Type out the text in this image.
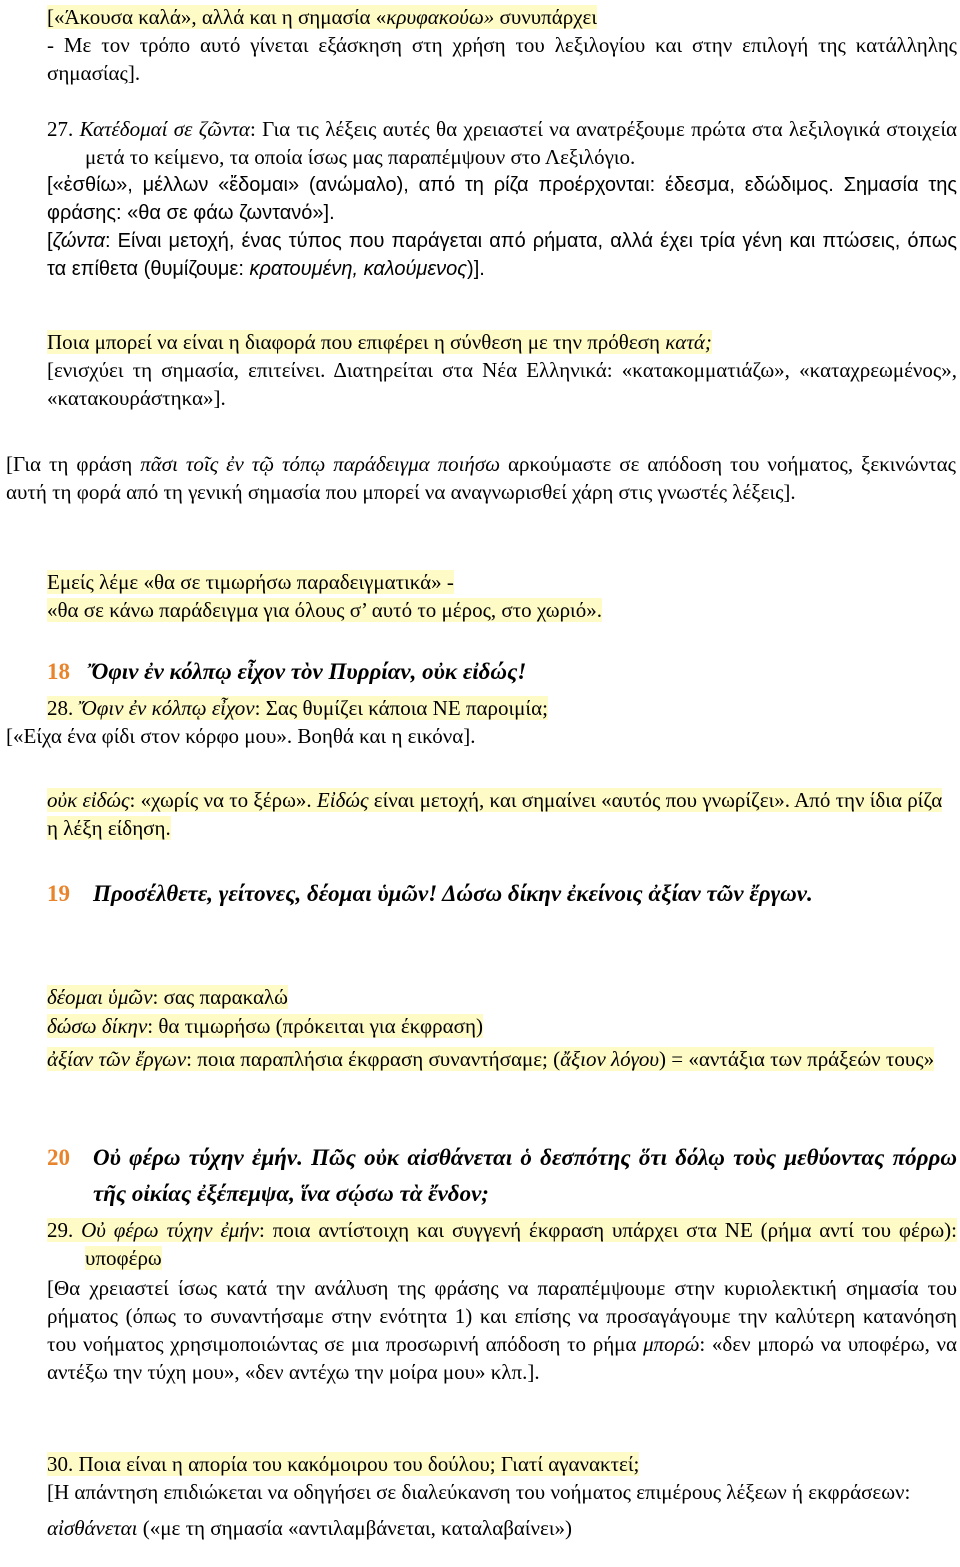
[«Άκουσα καλά», αλλά και η σημασία «κρυφακούω» συνυπάρχει
- Με τον τρόπο αυτό γίνεται εξάσκηση στη χρήση του λεξιλογίου και στην επιλογή της κατάλληλης σημασίας].
27. Κατέδομαί σε ζῶντα: Για τις λέξεις αυτές θα χρειαστεί να ανατρέξουμε πρώτα στα λεξιλογικά στοιχεία μετά το κείμενο, τα οποία ίσως μας παραπέμψουν στο Λεξιλόγιο.
[«ἐσθίω», μέλλων «ἔδομαι» (ανώμαλο), από τη ρίζα προέρχονται: έδεσμα, εδώδιμος. Σημασία της φράσης: «θα σε φάω ζωντανό»].
[ζώντα: Είναι μετοχή, ένας τύπος που παράγεται από ρήματα, αλλά έχει τρία γένη και πτώσεις, όπως τα επίθετα (θυμίζουμε: κρατουμένη, καλούμενος)].
Ποια μπορεί να είναι η διαφορά που επιφέρει η σύνθεση με την πρόθεση κατά;
[ενισχύει τη σημασία, επιτείνει. Διατηρείται στα Νέα Ελληνικά: «κατακομματιάζω», «καταχρεωμένος», «κατακουράστηκα»].
[Για τη φράση πᾶσι τοῖς ἐν τῷ τόπῳ παράδειγμα ποιήσω αρκούμαστε σε απόδοση του νοήματος, ξεκινώντας αυτή τη φορά από τη γενική σημασία που μπορεί να αναγνωρισθεί χάρη στις γνωστές λέξεις].
Εμείς λέμε «θα σε τιμωρήσω παραδειγματικά» -
«θα σε κάνω παράδειγμα για όλους σ’ αυτό το μέρος, στο χωριό».
18 Ὄφιν ἐν κόλπῳ εἶχον τὸν Πυρρίαν, οὐκ εἰδώς!
28. Ὄφιν ἐν κόλπῳ εἶχον: Σας θυμίζει κάποια ΝΕ παροιμία;
[«Είχα ένα φίδι στον κόρφο μου». Βοηθά και η εικόνα].
οὐκ εἰδώς: «χωρίς να το ξέρω». Εἰδώς είναι μετοχή, και σημαίνει «αυτός που γνωρίζει». Από την ίδια ρίζα η λέξη είδηση.
19	Προσέλθετε, γείτονες, δέομαι ὑμῶν! Δώσω δίκην ἐκείνοις ἀξίαν τῶν ἔργων.
δέομαι ὑμῶν: σας παρακαλώ
δώσω δίκην: θα τιμωρήσω (πρόκειται για έκφραση)
ἀξίαν τῶν ἔργων: ποια παραπλήσια έκφραση συναντήσαμε; (ἄξιον λόγου) = «αντάξια των πράξεών τους»
20	Οὐ φέρω τύχην ἐμήν. Πῶς οὐκ αἰσθάνεται ὁ δεσπότης ὅτι δόλῳ τοὺς μεθύοντας πόρρω τῆς οἰκίας ἐξέπεμψα, ἵνα σῴσω τὰ ἔνδον;
29. Οὐ φέρω τύχην ἐμήν: ποια αντίστοιχη και συγγενή έκφραση υπάρχει στα ΝΕ (ρήμα αντί του φέρω): υποφέρω
[Θα χρειαστεί ίσως κατά την ανάλυση της φράσης να παραπέμψουμε στην κυριολεκτική σημασία του ρήματος (όπως το συναντήσαμε στην ενότητα 1) και επίσης να προσαγάγουμε την καλύτερη κατανόηση του νοήματος χρησιμοποιώντας σε μια προσωρινή απόδοση το ρήμα μπορώ: «δεν μπορώ να υποφέρω, να αντέξω την τύχη μου», «δεν αντέχω την μοίρα μου» κλπ.].
30. Ποια είναι η απορία του κακόμοιρου του δούλου; Γιατί αγανακτεί;
[Η απάντηση επιδιώκεται να οδηγήσει σε διαλεύκανση του νοήματος επιμέρους λέξεων ή εκφράσεων:
αἰσθάνεται («με τη σημασία «αντιλαμβάνεται, καταλαβαίνει»)
